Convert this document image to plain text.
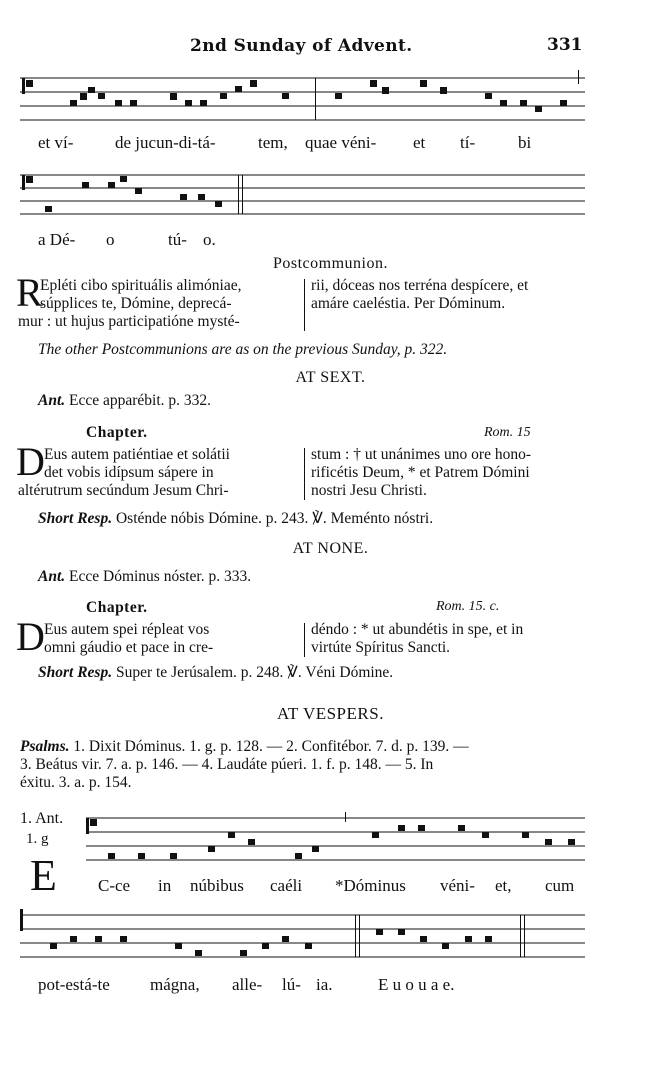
2nd Sunday of Advent.	331
et ví- de jucun-di-tá- tem, quae véni- et tí-	bi
a Dé- o	tú- o.
Postcommunion.
R
Epléti cibo spirituális alimóniae,
súpplices te, Dómine, deprecá-
mur : ut hujus participatióne mysté-
rii, dóceas nos terréna despícere, et
amáre caeléstia. Per Dóminum.
The other Postcommunions are as on the previous Sunday, p. 322.
AT SEXT.
Ant. Ecce apparébit. p. 332.
Chapter.	Rom. 15
D Eus autem patiéntiae et solátii
det vobis idípsum sápere in
altérutrum secúndum Jesum Chri-
stum : † ut unánimes uno ore hono-
rificétis Deum, * et Patrem Dómini
nostri Jesu Christi.
Short Resp. Osténde nóbis Dómine. p. 243. ℣. Meménto nóstri.
AT NONE.
Ant. Ecce Dóminus nóster. p. 333.
Chapter.	Rom. 15. c.
D Eus autem spei répleat vos
omni gáudio et pace in cre-
déndo : * ut abundétis in spe, et in
virtúte Spíritus Sancti.
Short Resp. Super te Jerúsalem. p. 248. ℣. Véni Dómine.
AT VESPERS.
Psalms. 1. Dixit Dóminus. 1. g. p. 128. — 2. Confitébor. 7. d. p. 139. —
3. Beátus vir. 7. a. p. 146. — 4. Laudáte púeri. 1. f. p. 148. — 5. In
éxitu. 3. a. p. 154.
1. Ant.
1. g
E C-ce in núbibus caéli *Dóminus véni- et, cum
pot-está-te mágna, alle- lú- ia.	E u o u a e.
